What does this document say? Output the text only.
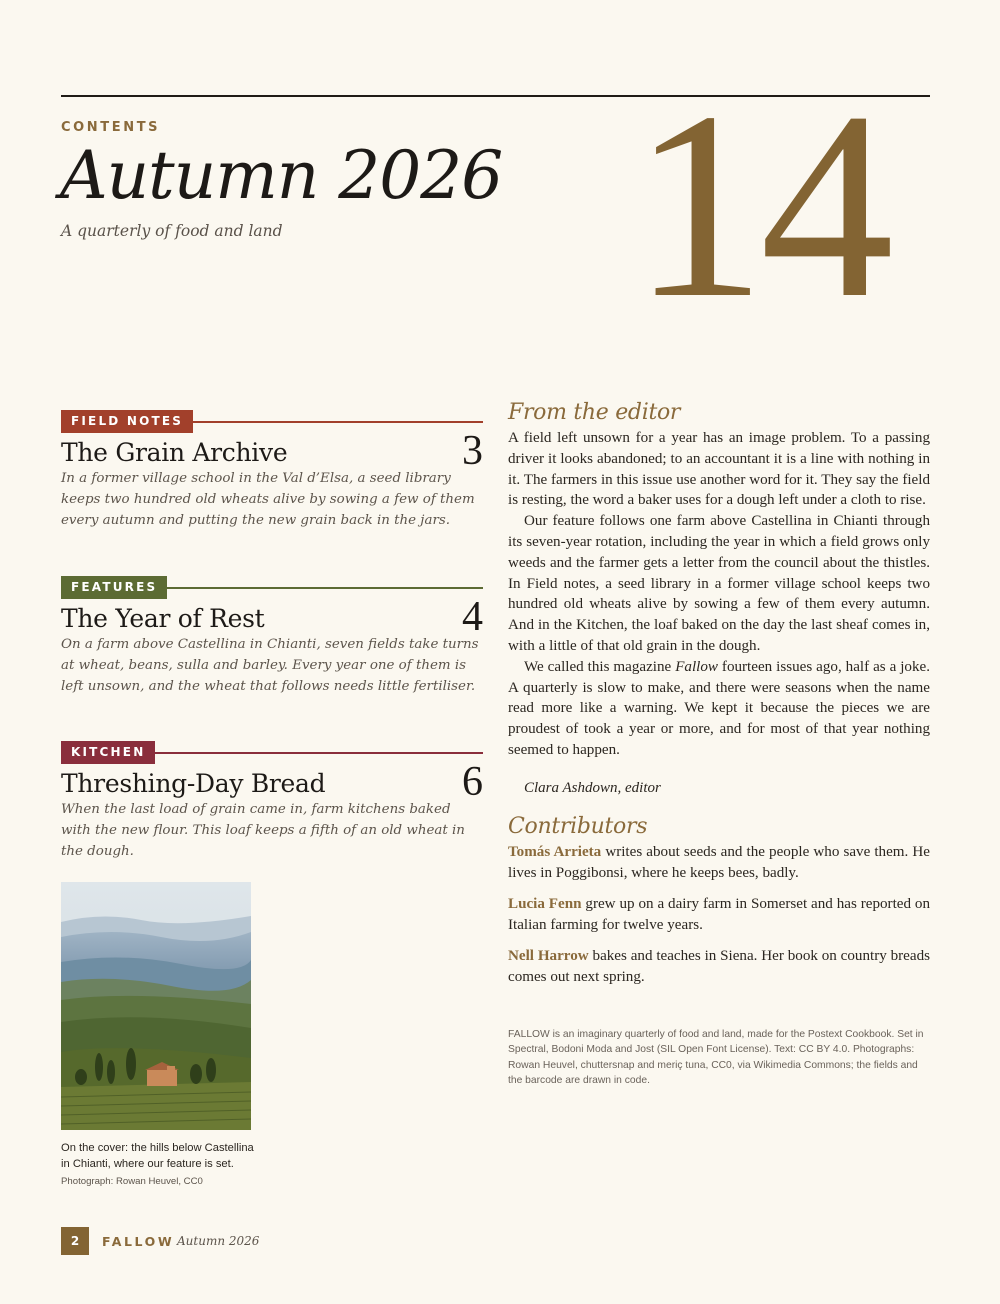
CONTENTS
Autumn 2026
A quarterly of food and land 14
FIELD NOTES
The Grain Archive	3
In a former village school in the Val d’Elsa, a seed library keeps two hundred old wheats alive by sowing a few of them every autumn and putting the new grain back in the jars.
FEATURES
The Year of Rest	4
On a farm above Castellina in Chianti, seven fields take turns at wheat, beans, sulla and barley. Every year one of them is left unsown, and the wheat that follows needs little fertiliser.
KITCHEN
Threshing-Day Bread	6
When the last load of grain came in, farm kitchens baked with the new flour. This loaf keeps a fifth of an old wheat in the dough.
On the cover: the hills below Castellina in Chianti, where our feature is set.
Photograph: Rowan Heuvel, CC0
From the editor

A field left unsown for a year has an image problem. To a passing driver it looks abandoned; to an accountant it is a line with nothing in it. The farmers in this issue use another word for it. They say the field is resting, the word a baker uses for a dough left under a cloth to rise.

Our feature follows one farm above Castellina in Chianti through its seven-year rotation, including the year in which a field grows only weeds and the farmer gets a letter from the council about the thistles. In Field notes, a seed library in a former village school keeps two hundred old wheats alive by sowing a few of them every autumn. And in the Kitchen, the loaf baked on the day the last sheaf comes in, with a little of that old grain in the dough.

We called this magazine Fallow fourteen issues ago, half as a joke. A quarterly is slow to make, and there were seasons when the name read more like a warning. We kept it because the pieces we are proudest of took a year or more, and for most of that year nothing seemed to happen.

Clara Ashdown, editor
Contributors
Tomás Arrieta writes about seeds and the people who save them. He lives in Poggibonsi, where he keeps bees, badly.
Lucia Fenn grew up on a dairy farm in Somerset and has reported on Italian farming for twelve years.
Nell Harrow bakes and teaches in Siena. Her book on country breads comes out next spring.
FALLOW is an imaginary quarterly of food and land, made for the Postext Cookbook. Set in Spectral, Bodoni Moda and Jost (SIL Open Font License). Text: CC BY 4.0. Photographs: Rowan Heuvel, chuttersnap and meriç tuna, CC0, via Wikimedia Commons; the fields and the barcode are drawn in code.
2	FALLOW Autumn 2026
